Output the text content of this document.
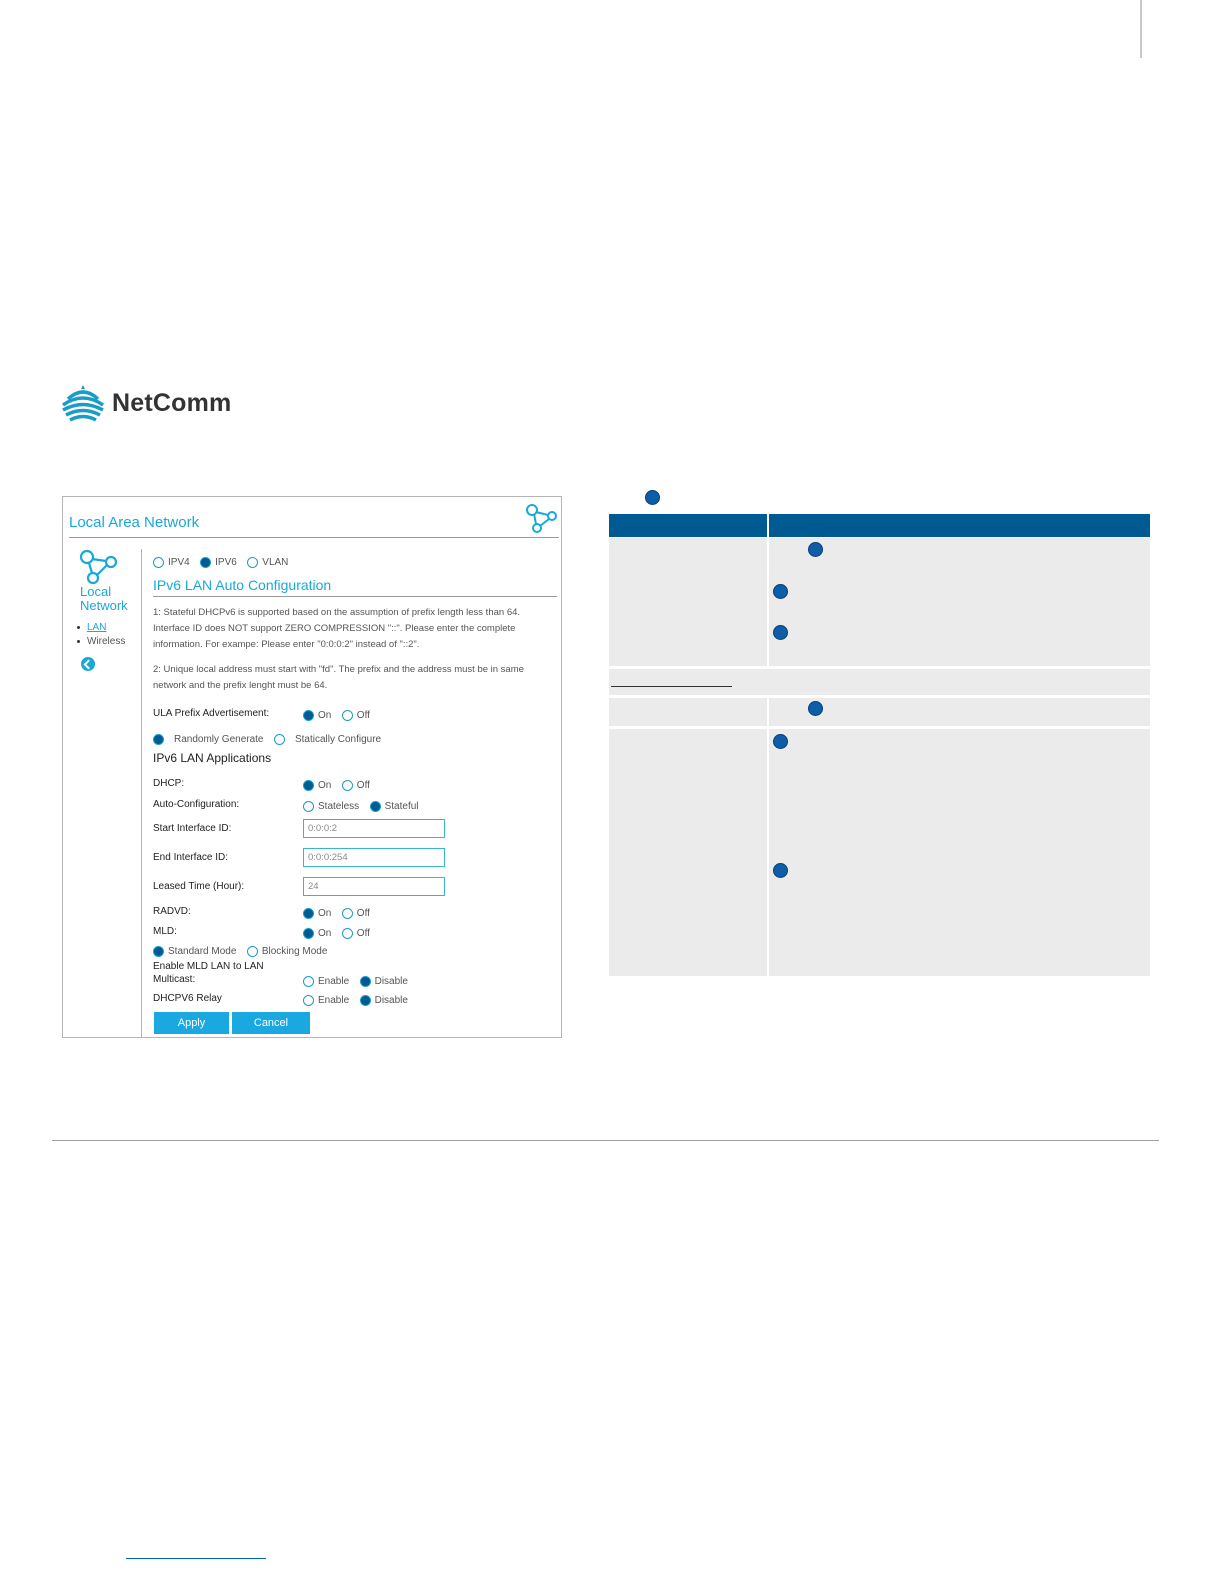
NetComm
Local Area Network
Local
Network
LAN
Wireless
IPV4	IPV6	VLAN
IPv6 LAN Auto Configuration
1: Stateful DHCPv6 is supported based on the assumption of prefix length less than 64.
Interface ID does NOT support ZERO COMPRESSION "::". Please enter the complete
information. For exampe: Please enter "0:0:0:2" instead of "::2".
2: Unique local address must start with "fd". The prefix and the address must be in same
network and the prefix lenght must be 64.
ULA Prefix Advertisement:	On	Off
Randomly Generate	Statically Configure
IPv6 LAN Applications
DHCP:	On	Off
Auto-Configuration:	Stateless	Stateful
Start Interface ID:	0:0:0:2
End Interface ID:	0:0:0:254
Leased Time (Hour):	24
RADVD:	On	Off
MLD:	On	Off
Standard Mode	Blocking Mode
Enable MLD LAN to LAN
Multicast:	Enable	Disable
DHCPV6 Relay	Enable	Disable
Apply	Cancel
